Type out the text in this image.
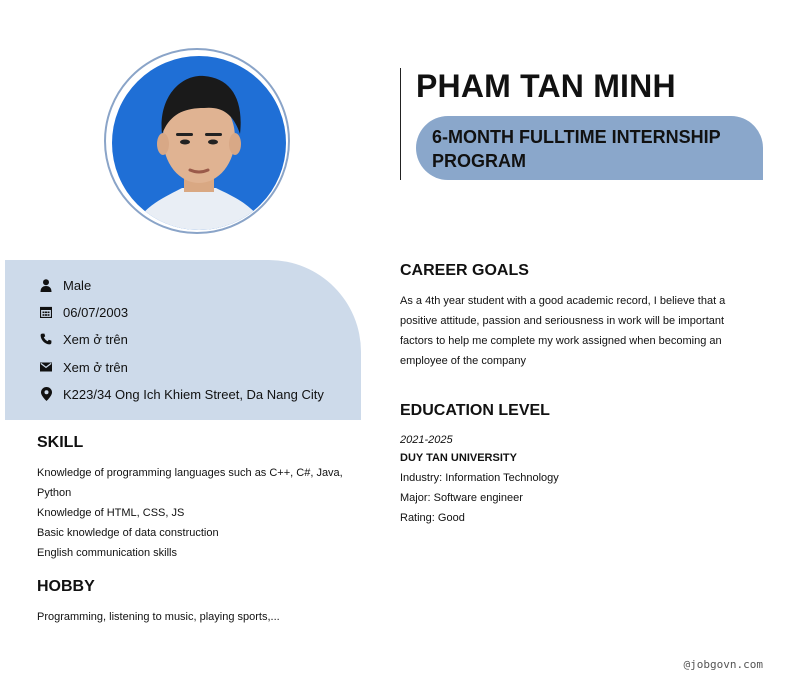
PHAM TAN MINH
6-MONTH FULLTIME INTERNSHIP PROGRAM
Male
06/07/2003
Xem ở trên
Xem ở trên
K223/34 Ong Ich Khiem Street, Da Nang City
SKILL
Knowledge of programming languages such as C++, C#, Java,
Python
Knowledge of HTML, CSS, JS
Basic knowledge of data construction
English communication skills
HOBBY
Programming, listening to music, playing sports,...
CAREER GOALS
As a 4th year student with a good academic record, I believe that a positive attitude, passion and seriousness in work will be important factors to help me complete my work assigned when becoming an employee of the company
EDUCATION LEVEL
2021-2025
DUY TAN UNIVERSITY
Industry: Information Technology
Major: Software engineer
Rating: Good
@jobgovn.com
